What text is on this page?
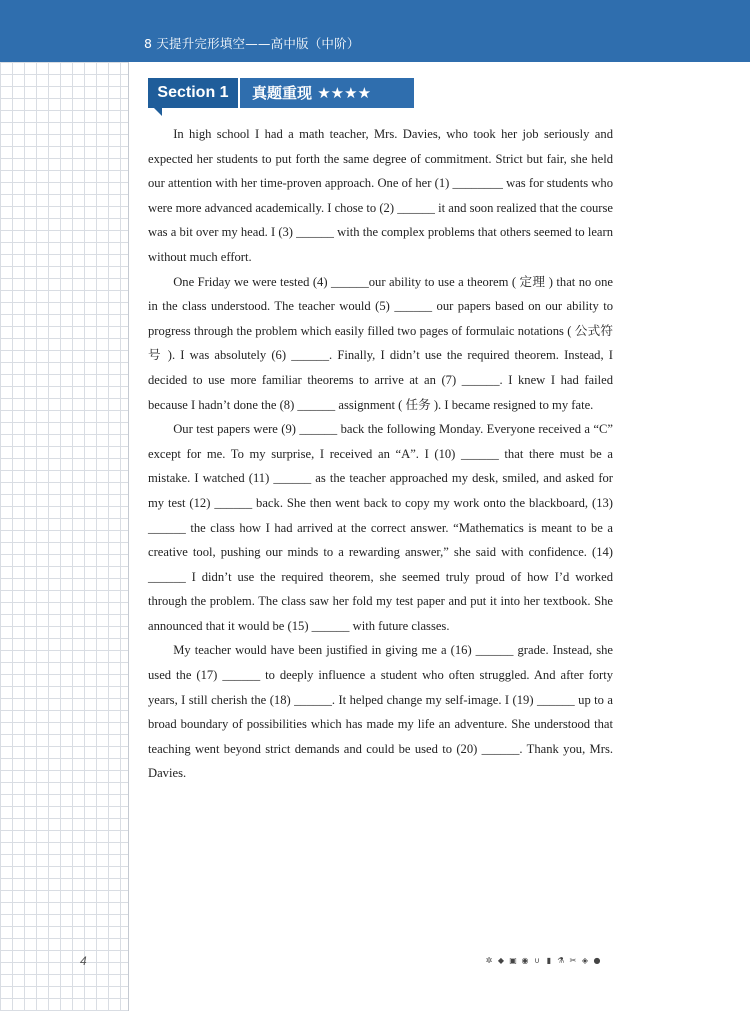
8 天提升完形填空——高中版（中阶）
Section 1	真题重现 ★★★★

In high school I had a math teacher, Mrs. Davies, who took her job seriously and expected her students to put forth the same degree of commitment. Strict but fair, she held our attention with her time-proven approach. One of her (1) ________ was for students who were more advanced academically. I chose to (2) ______ it and soon realized that the course was a bit over my head. I (3) ______ with the complex problems that others seemed to learn without much effort.

One Friday we were tested (4) ______our ability to use a theorem ( 定理 ) that no one in the class understood. The teacher would (5) ______ our papers based on our ability to progress through the problem which easily filled two pages of formulaic notations ( 公式符号 ). I was absolutely (6) ______. Finally, I didn’t use the required theorem. Instead, I decided to use more familiar theorems to arrive at an (7) ______. I knew I had failed because I hadn’t done the (8) ______ assignment ( 任务 ). I became resigned to my fate.

Our test papers were (9) ______ back the following Monday. Everyone received a “C” except for me. To my surprise, I received an “A”. I (10) ______ that there must be a mistake. I watched (11) ______ as the teacher approached my desk, smiled, and asked for my test (12) ______ back. She then went back to copy my work onto the blackboard, (13) ______ the class how I had arrived at the correct answer. “Mathematics is meant to be a creative tool, pushing our minds to a rewarding answer,” she said with confidence. (14) ______ I didn’t use the required theorem, she seemed truly proud of how I’d worked through the problem. The class saw her fold my test paper and put it into her textbook. She announced that it would be (15) ______ with future classes.

My teacher would have been justified in giving me a (16) ______ grade. Instead, she used the (17) ______ to deeply influence a student who often struggled. And after forty years, I still cherish the (18) ______. It helped change my self-image. I (19) ______ up to a broad boundary of possibilities which has made my life an adventure. She understood that teaching went beyond strict demands and could be used to (20) ______. Thank you, Mrs. Davies.

4	✲ ◆ ▣ ◉ ∪ ▮ ⚗ ✂ ◈ ●
